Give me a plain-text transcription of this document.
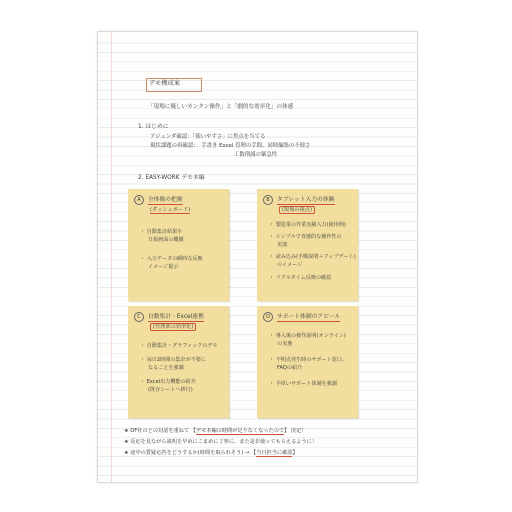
デモ構成案
「現場に優しいカンタン操作」と「劇的な効率化」の体感
1. はじめに
アジェンダ確認：「使いやすさ」に焦点を当てる
現状課題の再確認：　手書き Excel 管理の手間、同時編集の不便さ
工数削減の緊急性
2. EASY-WORK デモ本編
A 全体像の把握
(ダッシュボード)
・ 自動集計結果や
日報画面の概観
・ 入力データの瞬時な反映
イメージ提示
B タブレット入力の体験
(現場の視点)
・ 製造業の作業実績入力(使用例)
・ シンプルで直感的な操作性の
実演
・ 読み込み(手順説明＋アップデート)
のイメージ
・ リアルタイム反映の確認
C 自動集計・Excel連携
(管理部の効率化)
・ 自動集計・グラフィックのデモ
・ 毎日2時間の集計が不要に
なることを強調
・ Excel出力機能の紹介
(既存シートへ移行)
D サポート体制のアピール
・ 導入後の操作説明(オンライン)
の実施
・ 不明点発生時のサポート窓口、
FAQの紹介
・ 手厚いサポート体制を強調
★ DF社のとの対話を重ねて 【デモ本編の時間が足りなくなったので】 決定！
★ 反応を見ながら説明を早めにこまめに丁寧に、また是非使ってもらえるように！
★ 途中の質疑応答をどうするか(時間を取られそう) → 【当日担当に確認】
